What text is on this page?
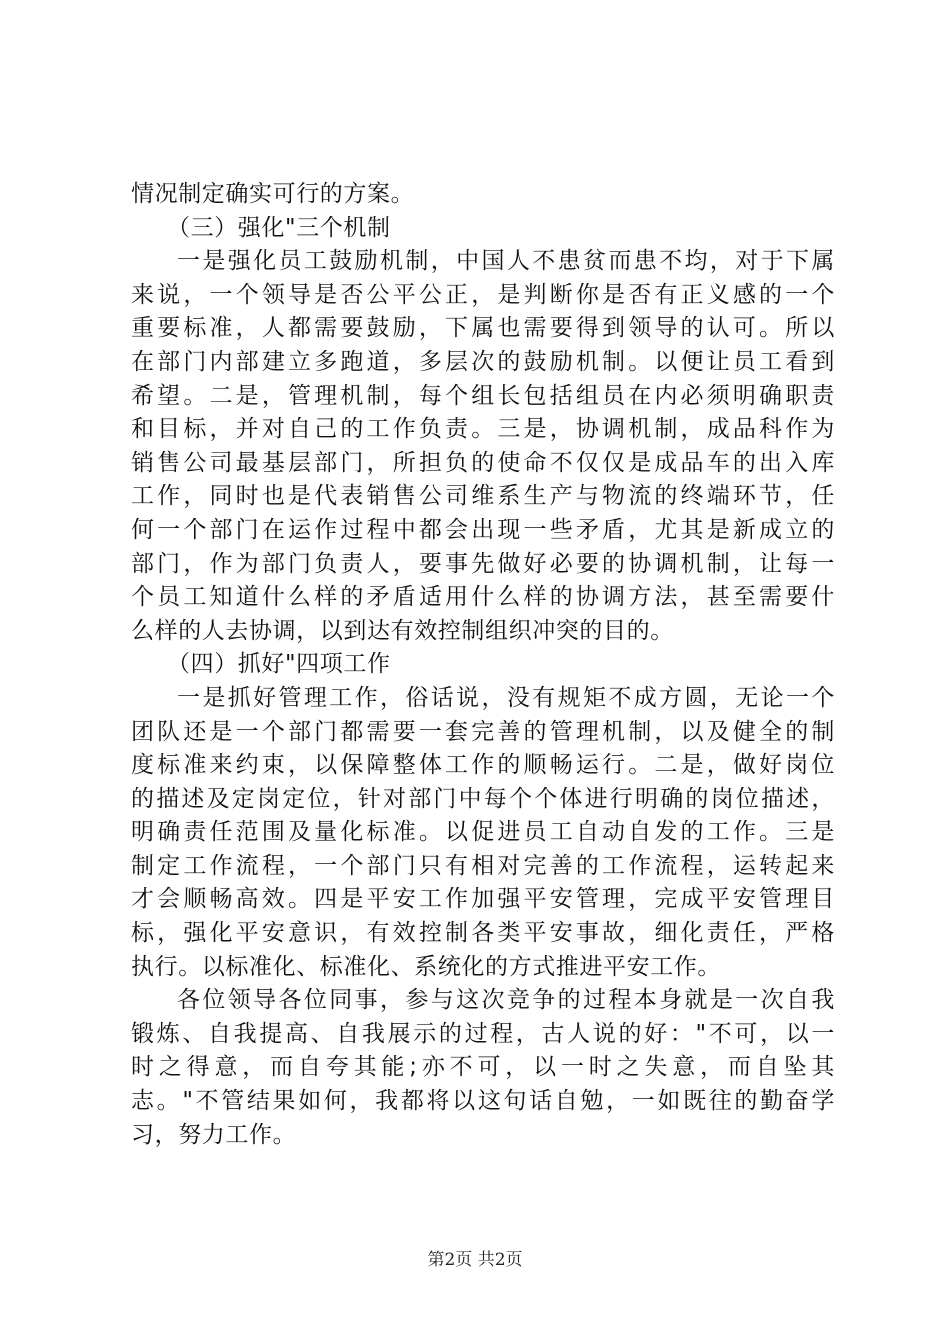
情况制定确实可行的方案。
（三）强化"三个机制
一是强化员工鼓励机制，中国人不患贫而患不均，对于下属
来说，一个领导是否公平公正，是判断你是否有正义感的一个
重要标准，人都需要鼓励，下属也需要得到领导的认可。所以
在部门内部建立多跑道，多层次的鼓励机制。以便让员工看到
希望。二是，管理机制，每个组长包括组员在内必须明确职责
和目标，并对自己的工作负责。三是，协调机制，成品科作为
销售公司最基层部门，所担负的使命不仅仅是成品车的出入库
工作，同时也是代表销售公司维系生产与物流的终端环节，任
何一个部门在运作过程中都会出现一些矛盾，尤其是新成立的
部门，作为部门负责人，要事先做好必要的协调机制，让每一
个员工知道什么样的矛盾适用什么样的协调方法，甚至需要什
么样的人去协调，以到达有效控制组织冲突的目的。
（四）抓好"四项工作
一是抓好管理工作，俗话说，没有规矩不成方圆，无论一个
团队还是一个部门都需要一套完善的管理机制，以及健全的制
度标准来约束，以保障整体工作的顺畅运行。二是，做好岗位
的描述及定岗定位，针对部门中每个个体进行明确的岗位描述，
明确责任范围及量化标准。以促进员工自动自发的工作。三是
制定工作流程，一个部门只有相对完善的工作流程，运转起来
才会顺畅高效。四是平安工作加强平安管理，完成平安管理目
标，强化平安意识，有效控制各类平安事故，细化责任，严格
执行。以标准化、标准化、系统化的方式推进平安工作。
各位领导各位同事，参与这次竞争的过程本身就是一次自我
锻炼、自我提高、自我展示的过程，古人说的好："不可，以一
时之得意，而自夸其能;亦不可，以一时之失意，而自坠其
志。"不管结果如何，我都将以这句话自勉，一如既往的勤奋学
习，努力工作。
第2页 共2页
